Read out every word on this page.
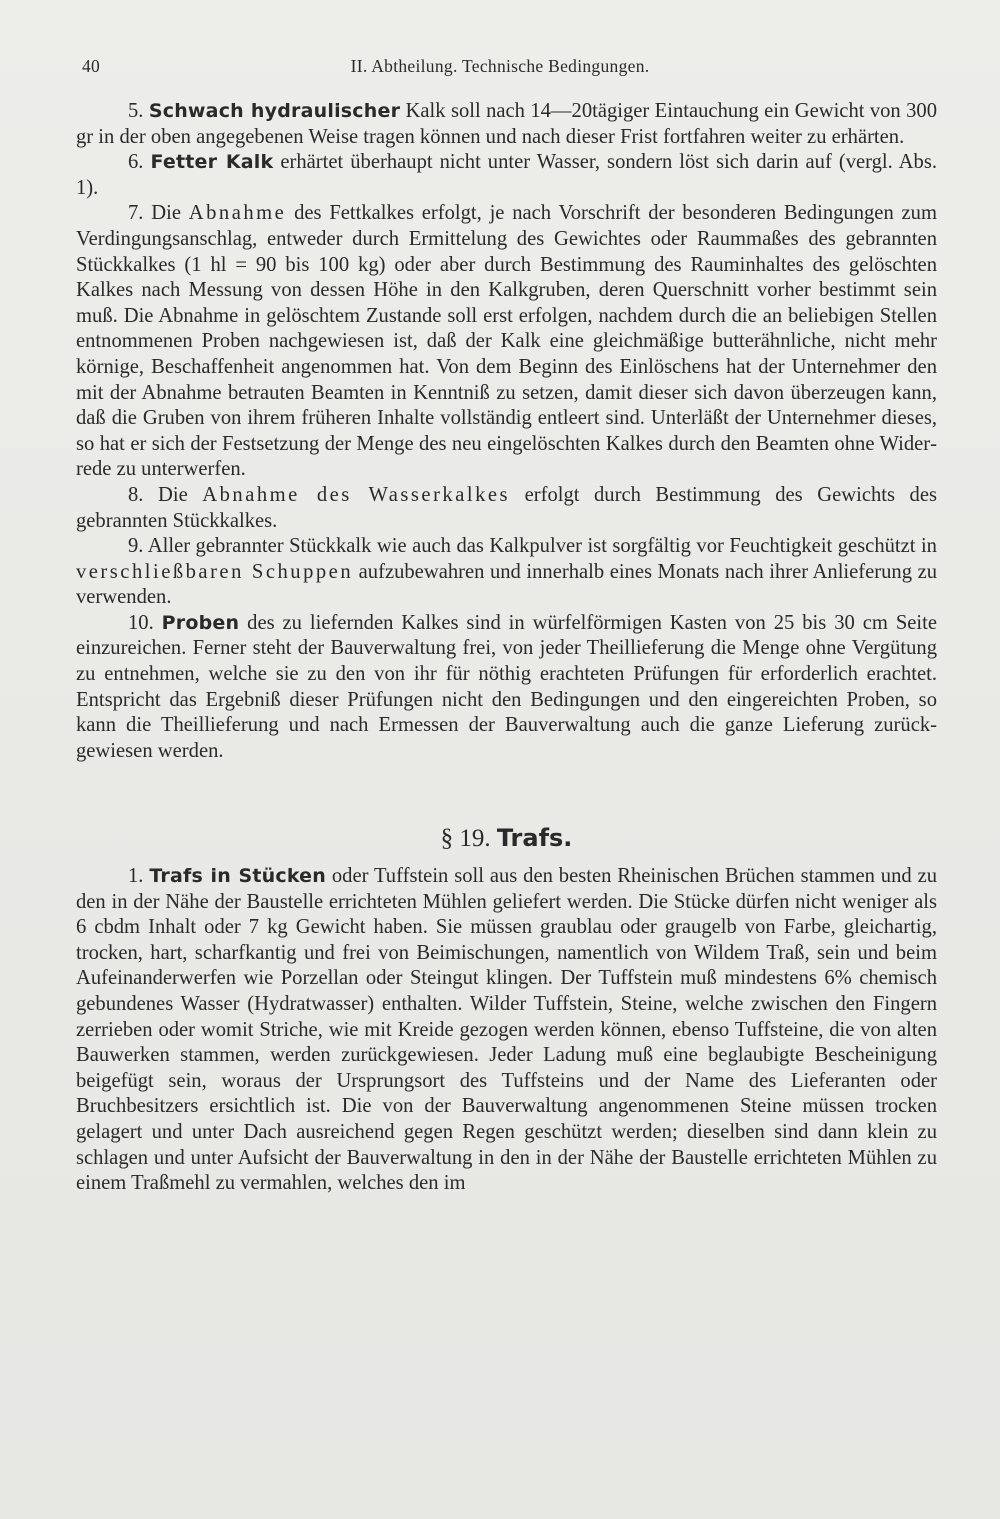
40	II. Abtheilung. Technische Bedingungen.

5. Schwach hydraulischer Kalk soll nach 14—20tägiger Eintauchung ein Gewicht von 300 gr in der oben angegebenen Weise tragen können und nach dieser Frist fortfahren weiter zu erhärten.

6. Fetter Kalk erhärtet überhaupt nicht unter Wasser, sondern löst sich darin auf (vergl. Abs. 1).

7. Die Abnahme des Fettkalkes erfolgt, je nach Vorschrift der besonderen Bedingungen zum Verdingungsanschlag, entweder durch Ermittelung des Gewichtes oder Raummaßes des gebrannten Stückkalkes (1 hl = 90 bis 100 kg) oder aber durch Bestimmung des Rauminhaltes des gelöschten Kalkes nach Messung von dessen Höhe in den Kalkgruben, deren Querschnitt vorher bestimmt sein muß. Die Abnahme in gelöschtem Zustande soll erst erfolgen, nachdem durch die an beliebigen Stellen entnommenen Proben nachgewiesen ist, daß der Kalk eine gleichmäßige butterähnliche, nicht mehr körnige, Beschaffenheit angenommen hat. Von dem Beginn des Einlöschens hat der Unternehmer den mit der Abnahme betrauten Beamten in Kenntniß zu setzen, damit dieser sich davon überzeugen kann, daß die Gruben von ihrem früheren Inhalte vollständig entleert sind. Unterläßt der Unternehmer dieses, so hat er sich der Festsetzung der Menge des neu eingelöschten Kalkes durch den Beamten ohne Widerrede zu unterwerfen.

8. Die Abnahme des Wasserkalkes erfolgt durch Bestimmung des Gewichts des gebrannten Stückkalkes.

9. Aller gebrannter Stückkalk wie auch das Kalkpulver ist sorgfältig vor Feuchtigkeit geschützt in verschließbaren Schuppen aufzubewahren und innerhalb eines Monats nach ihrer Anlieferung zu verwenden.

10. Proben des zu liefernden Kalkes sind in würfelförmigen Kasten von 25 bis 30 cm Seite einzureichen. Ferner steht der Bauverwaltung frei, von jeder Theillieferung die Menge ohne Vergütung zu entnehmen, welche sie zu den von ihr für nöthig erachteten Prüfungen für erforderlich erachtet. Entspricht das Ergebniß dieser Prüfungen nicht den Bedingungen und den eingereichten Proben, so kann die Theillieferung und nach Ermessen der Bauverwaltung auch die ganze Lieferung zurückgewiesen werden.

§ 19. Trafs.

1. Trafs in Stücken oder Tuffstein soll aus den besten Rheinischen Brüchen stammen und zu den in der Nähe der Baustelle errichteten Mühlen geliefert werden. Die Stücke dürfen nicht weniger als 6 cbdm Inhalt oder 7 kg Gewicht haben. Sie müssen graublau oder graugelb von Farbe, gleichartig, trocken, hart, scharfkantig und frei von Beimischungen, namentlich von Wildem Traß, sein und beim Aufeinanderwerfen wie Porzellan oder Steingut klingen. Der Tuffstein muß mindestens 6% chemisch gebundenes Wasser (Hydratwasser) enthalten. Wilder Tuffstein, Steine, welche zwischen den Fingern zerrieben oder womit Striche, wie mit Kreide gezogen werden können, ebenso Tuffsteine, die von alten Bauwerken stammen, werden zurückgewiesen. Jeder Ladung muß eine beglaubigte Bescheinigung beigefügt sein, woraus der Ursprungsort des Tuffsteins und der Name des Lieferanten oder Bruchbesitzers ersichtlich ist. Die von der Bauverwaltung angenommenen Steine müssen trocken gelagert und unter Dach ausreichend gegen Regen geschützt werden; dieselben sind dann klein zu schlagen und unter Aufsicht der Bauverwaltung in den in der Nähe der Baustelle errichteten Mühlen zu einem Traßmehl zu vermahlen, welches den im
